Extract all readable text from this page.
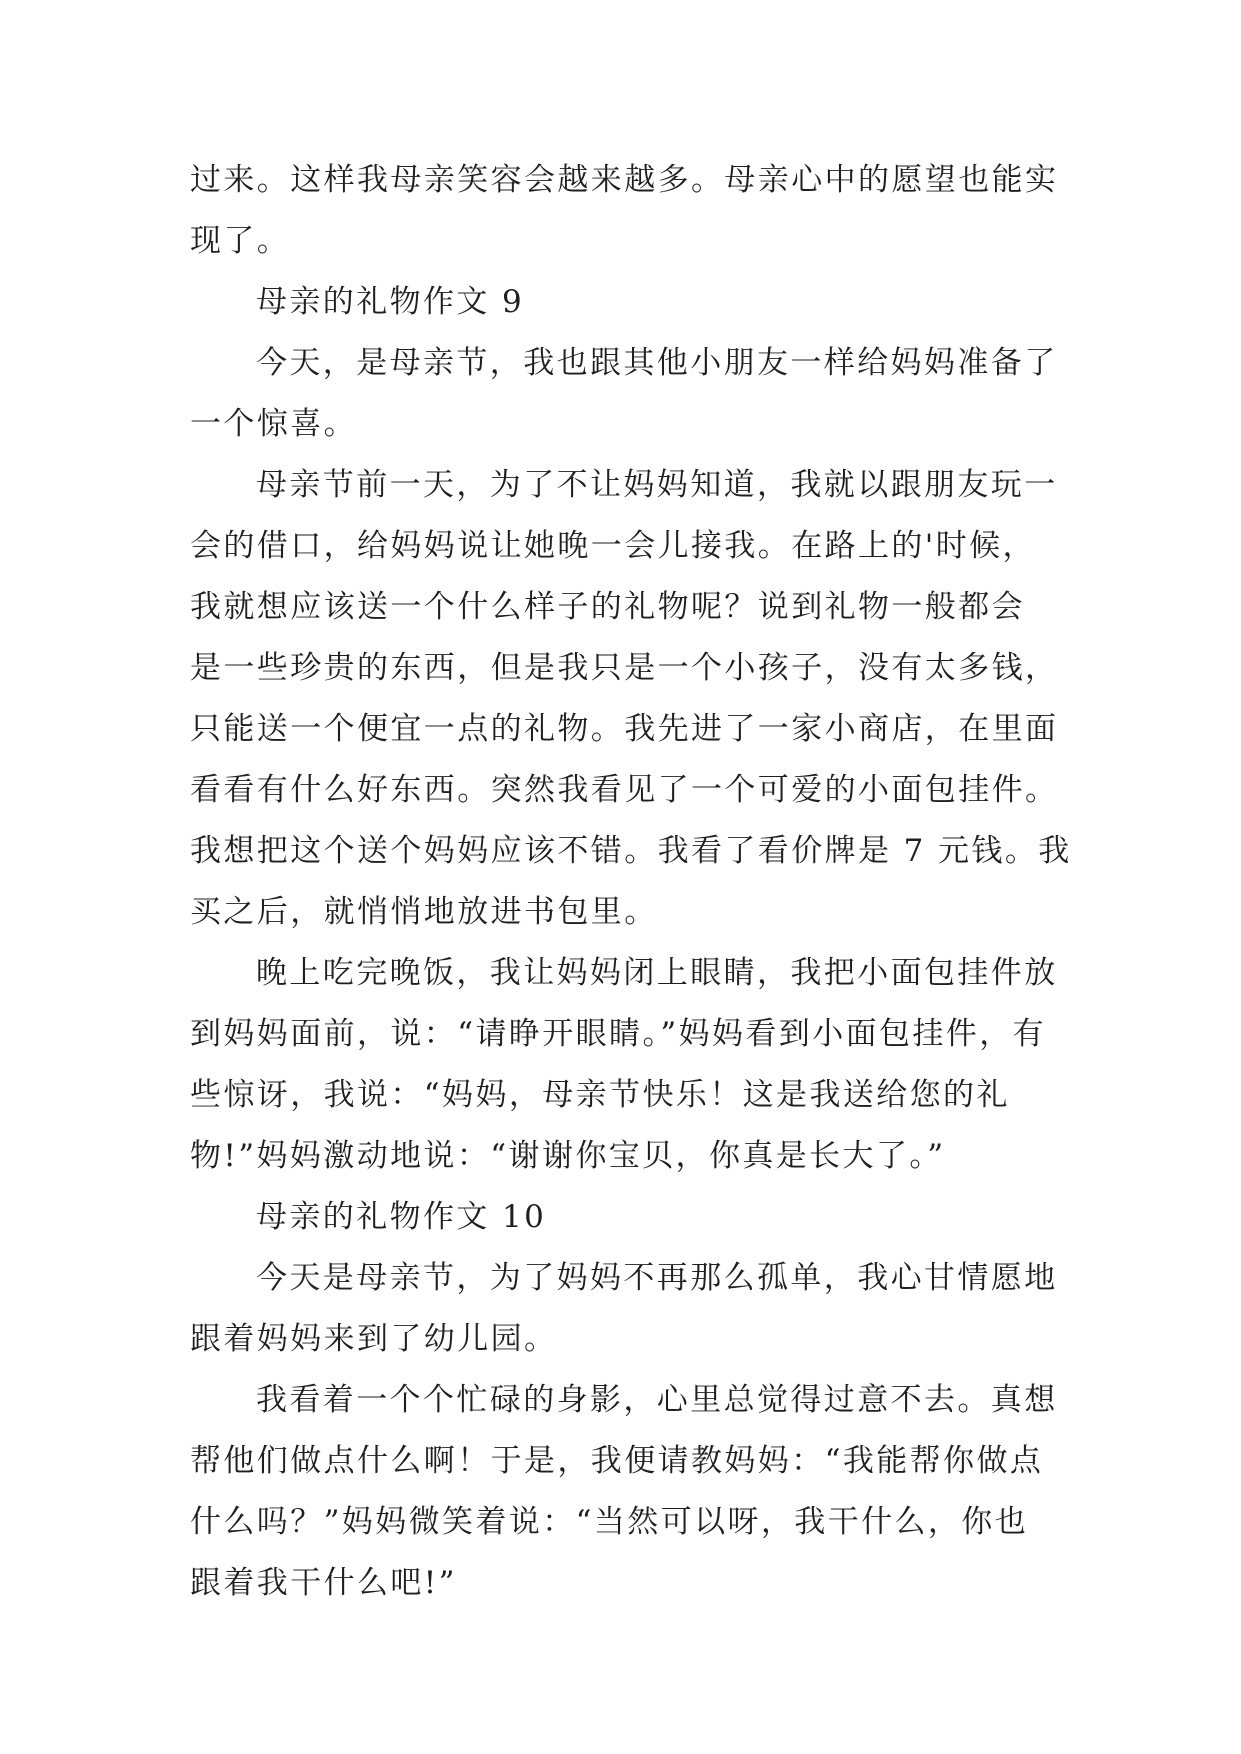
过来。这样我母亲笑容会越来越多。母亲心中的愿望也能实
现了。
母亲的礼物作文 9
今天，是母亲节，我也跟其他小朋友一样给妈妈准备了
一个惊喜。
母亲节前一天，为了不让妈妈知道，我就以跟朋友玩一
会的借口，给妈妈说让她晚一会儿接我。在路上的'时候，
我就想应该送一个什么样子的礼物呢？说到礼物一般都会
是一些珍贵的东西，但是我只是一个小孩子，没有太多钱，
只能送一个便宜一点的礼物。我先进了一家小商店，在里面
看看有什么好东西。突然我看见了一个可爱的小面包挂件。
我想把这个送个妈妈应该不错。我看了看价牌是 7 元钱。我
买之后，就悄悄地放进书包里。
晚上吃完晚饭，我让妈妈闭上眼睛，我把小面包挂件放
到妈妈面前，说：“请睁开眼睛。”妈妈看到小面包挂件，有
些惊讶，我说：“妈妈，母亲节快乐！这是我送给您的礼
物!”妈妈激动地说：“谢谢你宝贝，你真是长大了。”
母亲的礼物作文 10
今天是母亲节，为了妈妈不再那么孤单，我心甘情愿地
跟着妈妈来到了幼儿园。
我看着一个个忙碌的身影，心里总觉得过意不去。真想
帮他们做点什么啊！于是，我便请教妈妈：“我能帮你做点
什么吗？”妈妈微笑着说：“当然可以呀，我干什么，你也
跟着我干什么吧!”
